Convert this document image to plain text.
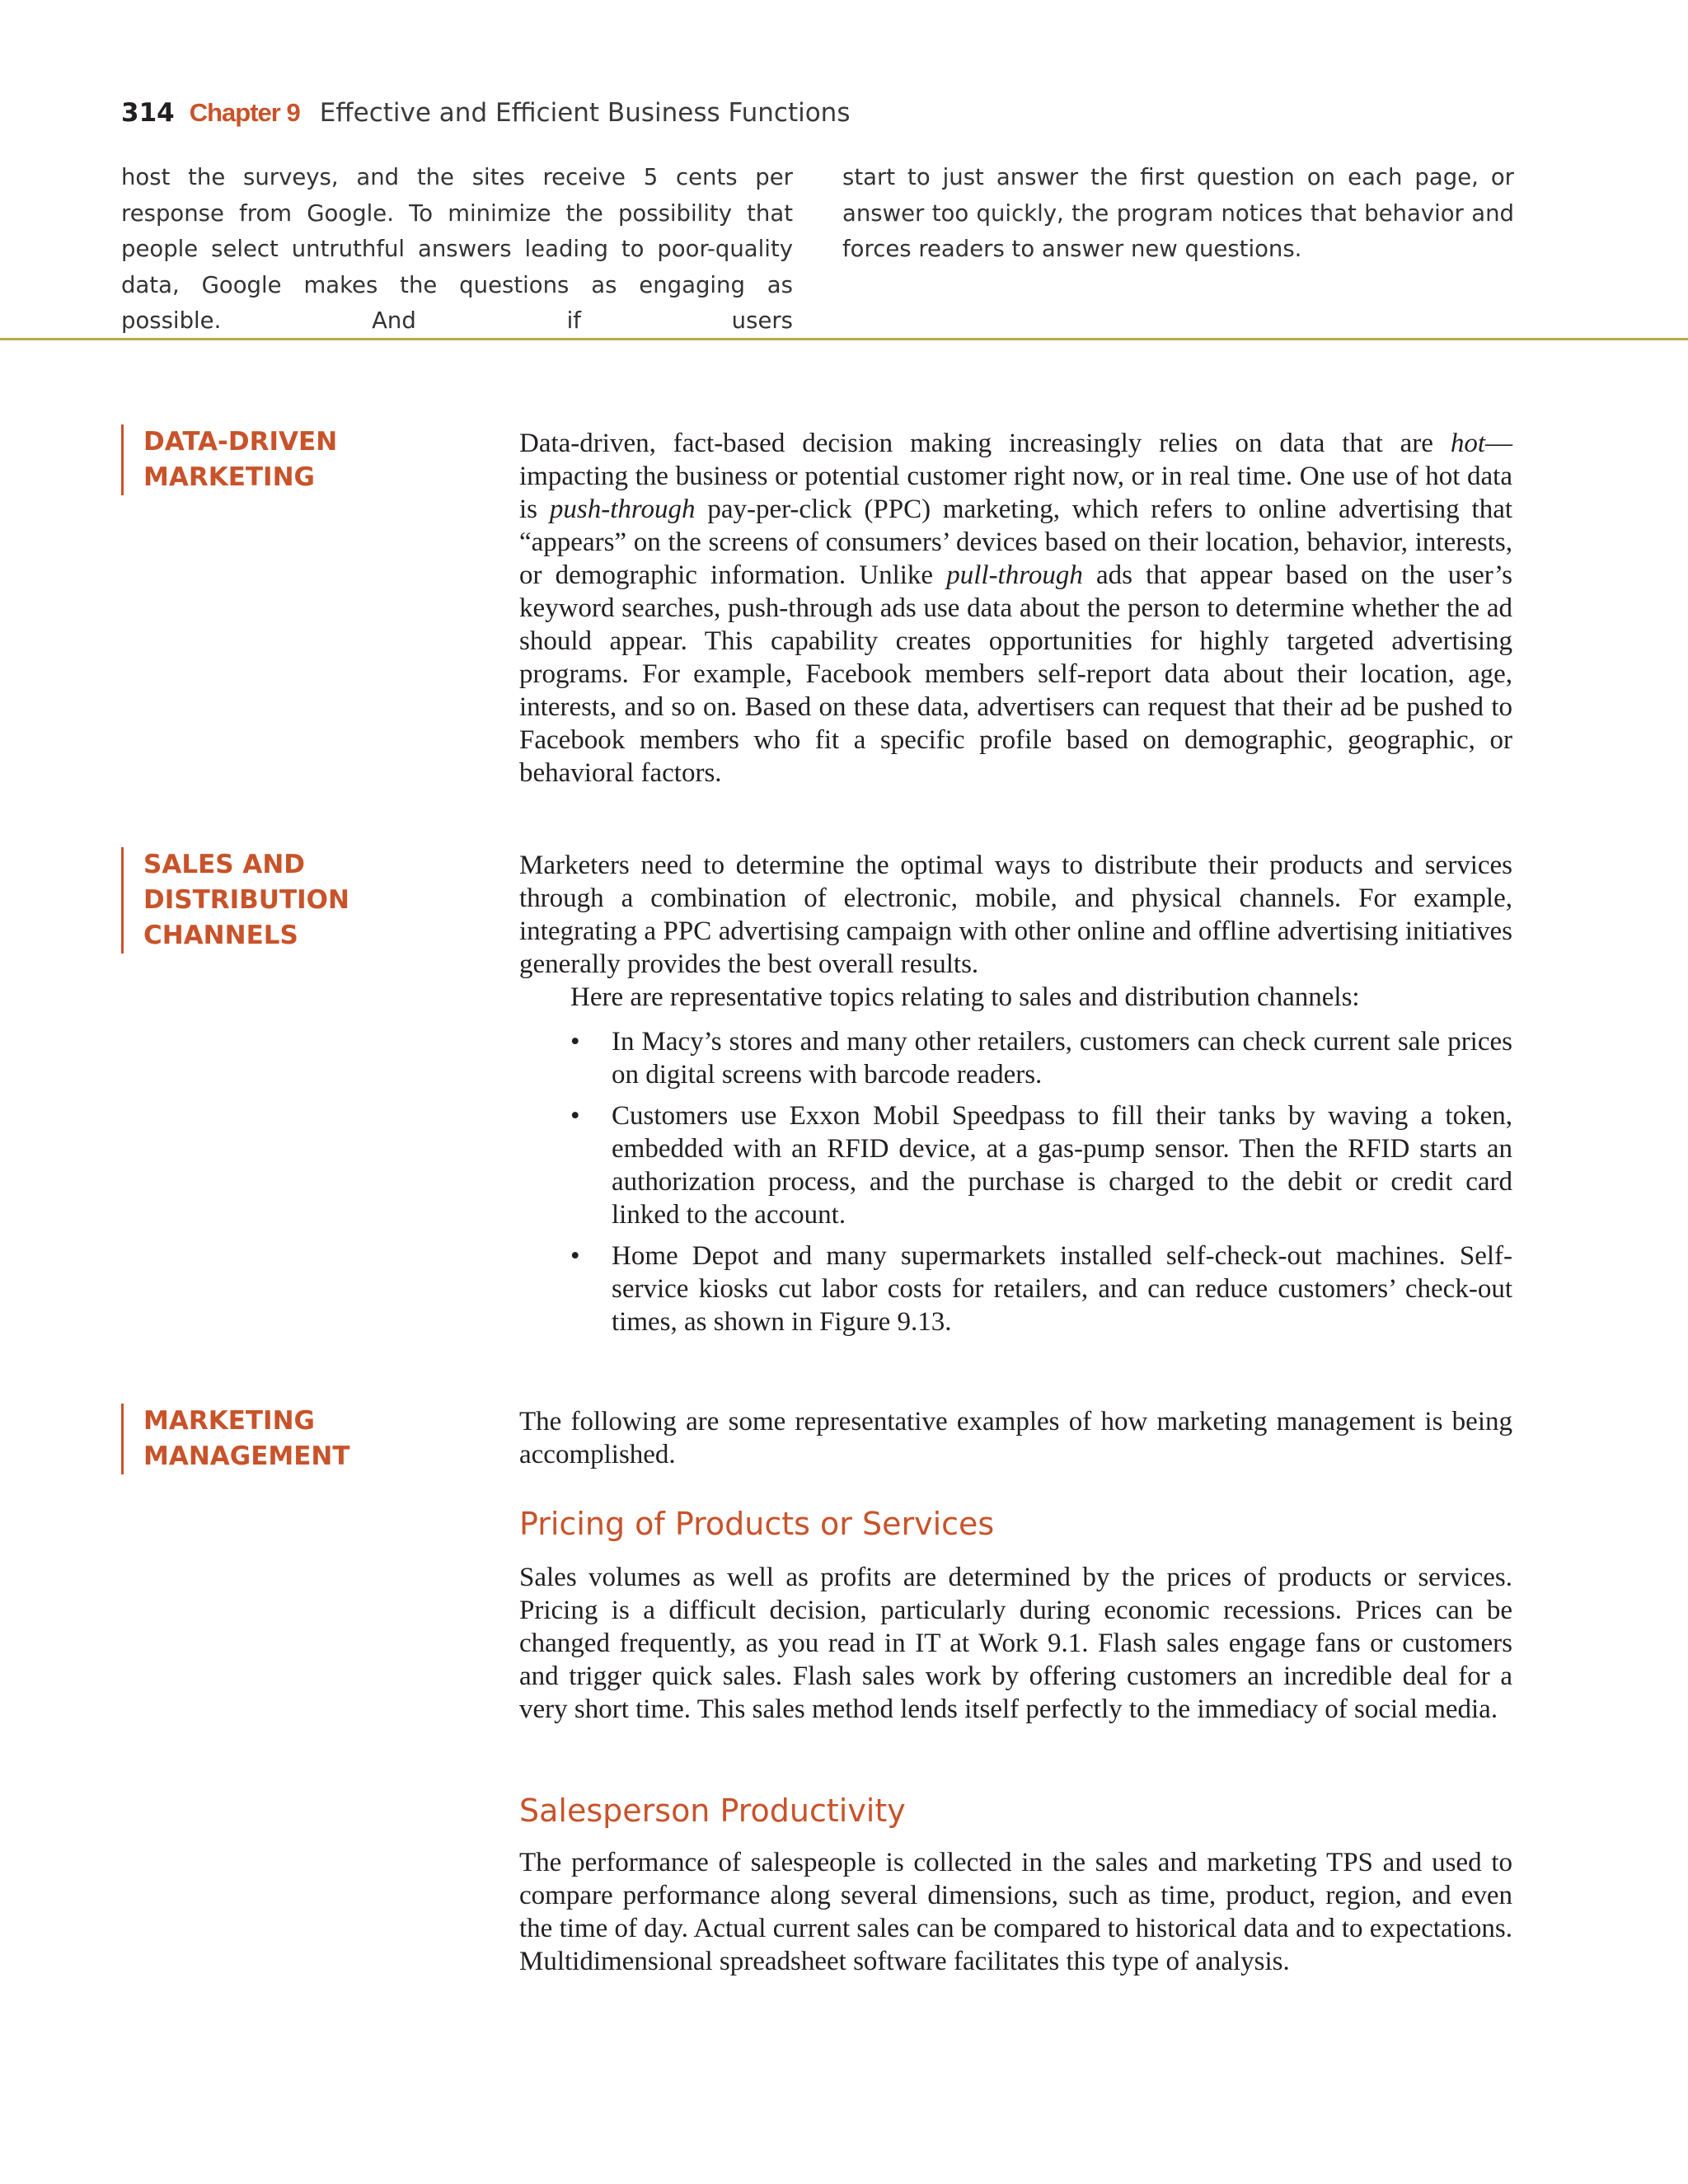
314 Chapter 9 Effective and Efficient Business Functions
host the surveys, and the sites receive 5 cents per response from Google. To minimize the possibility that people select untruthful answers leading to poor-quality data, Google makes the questions as engaging as possible. And if users
start to just answer the first question on each page, or answer too quickly, the program notices that behavior and forces readers to answer new questions.
DATA-DRIVEN
MARKETING

Data-driven, fact-based decision making increasingly relies on data that are hot— impacting the business or potential customer right now, or in real time. One use of hot data is push-through pay-per-click (PPC) marketing, which refers to online advertising that “appears” on the screens of consumers’ devices based on their location, behavior, interests, or demographic information. Unlike pull-through ads that appear based on the user’s keyword searches, push-through ads use data about the person to determine whether the ad should appear. This capability creates opportunities for highly targeted advertising programs. For example, Facebook members self-report data about their location, age, interests, and so on. Based on these data, advertisers can request that their ad be pushed to Facebook members who fit a specific profile based on demographic, geographic, or behavioral factors.

SALES AND
DISTRIBUTION
CHANNELS

Marketers need to determine the optimal ways to distribute their products and services through a combination of electronic, mobile, and physical channels. For example, integrating a PPC advertising campaign with other online and offline advertising initiatives generally provides the best overall results.

Here are representative topics relating to sales and distribution channels:

•	In Macy’s stores and many other retailers, customers can check current sale prices on digital screens with barcode readers.
•	Customers use Exxon Mobil Speedpass to fill their tanks by waving a token, embedded with an RFID device, at a gas-pump sensor. Then the RFID starts an authorization process, and the purchase is charged to the debit or credit card linked to the account.
•	Home Depot and many supermarkets installed self-check-out machines. Self-service kiosks cut labor costs for retailers, and can reduce customers’ check-out times, as shown in Figure 9.13.
MARKETING
MANAGEMENT

The following are some representative examples of how marketing management is being accomplished.

Pricing of Products or Services

Sales volumes as well as profits are determined by the prices of products or services. Pricing is a difficult decision, particularly during economic recessions. Prices can be changed frequently, as you read in IT at Work 9.1. Flash sales engage fans or customers and trigger quick sales. Flash sales work by offering customers an incredible deal for a very short time. This sales method lends itself perfectly to the immediacy of social media.

Salesperson Productivity

The performance of salespeople is collected in the sales and marketing TPS and used to compare performance along several dimensions, such as time, product, region, and even the time of day. Actual current sales can be compared to historical data and to expectations. Multidimensional spreadsheet software facilitates this type of analysis.
